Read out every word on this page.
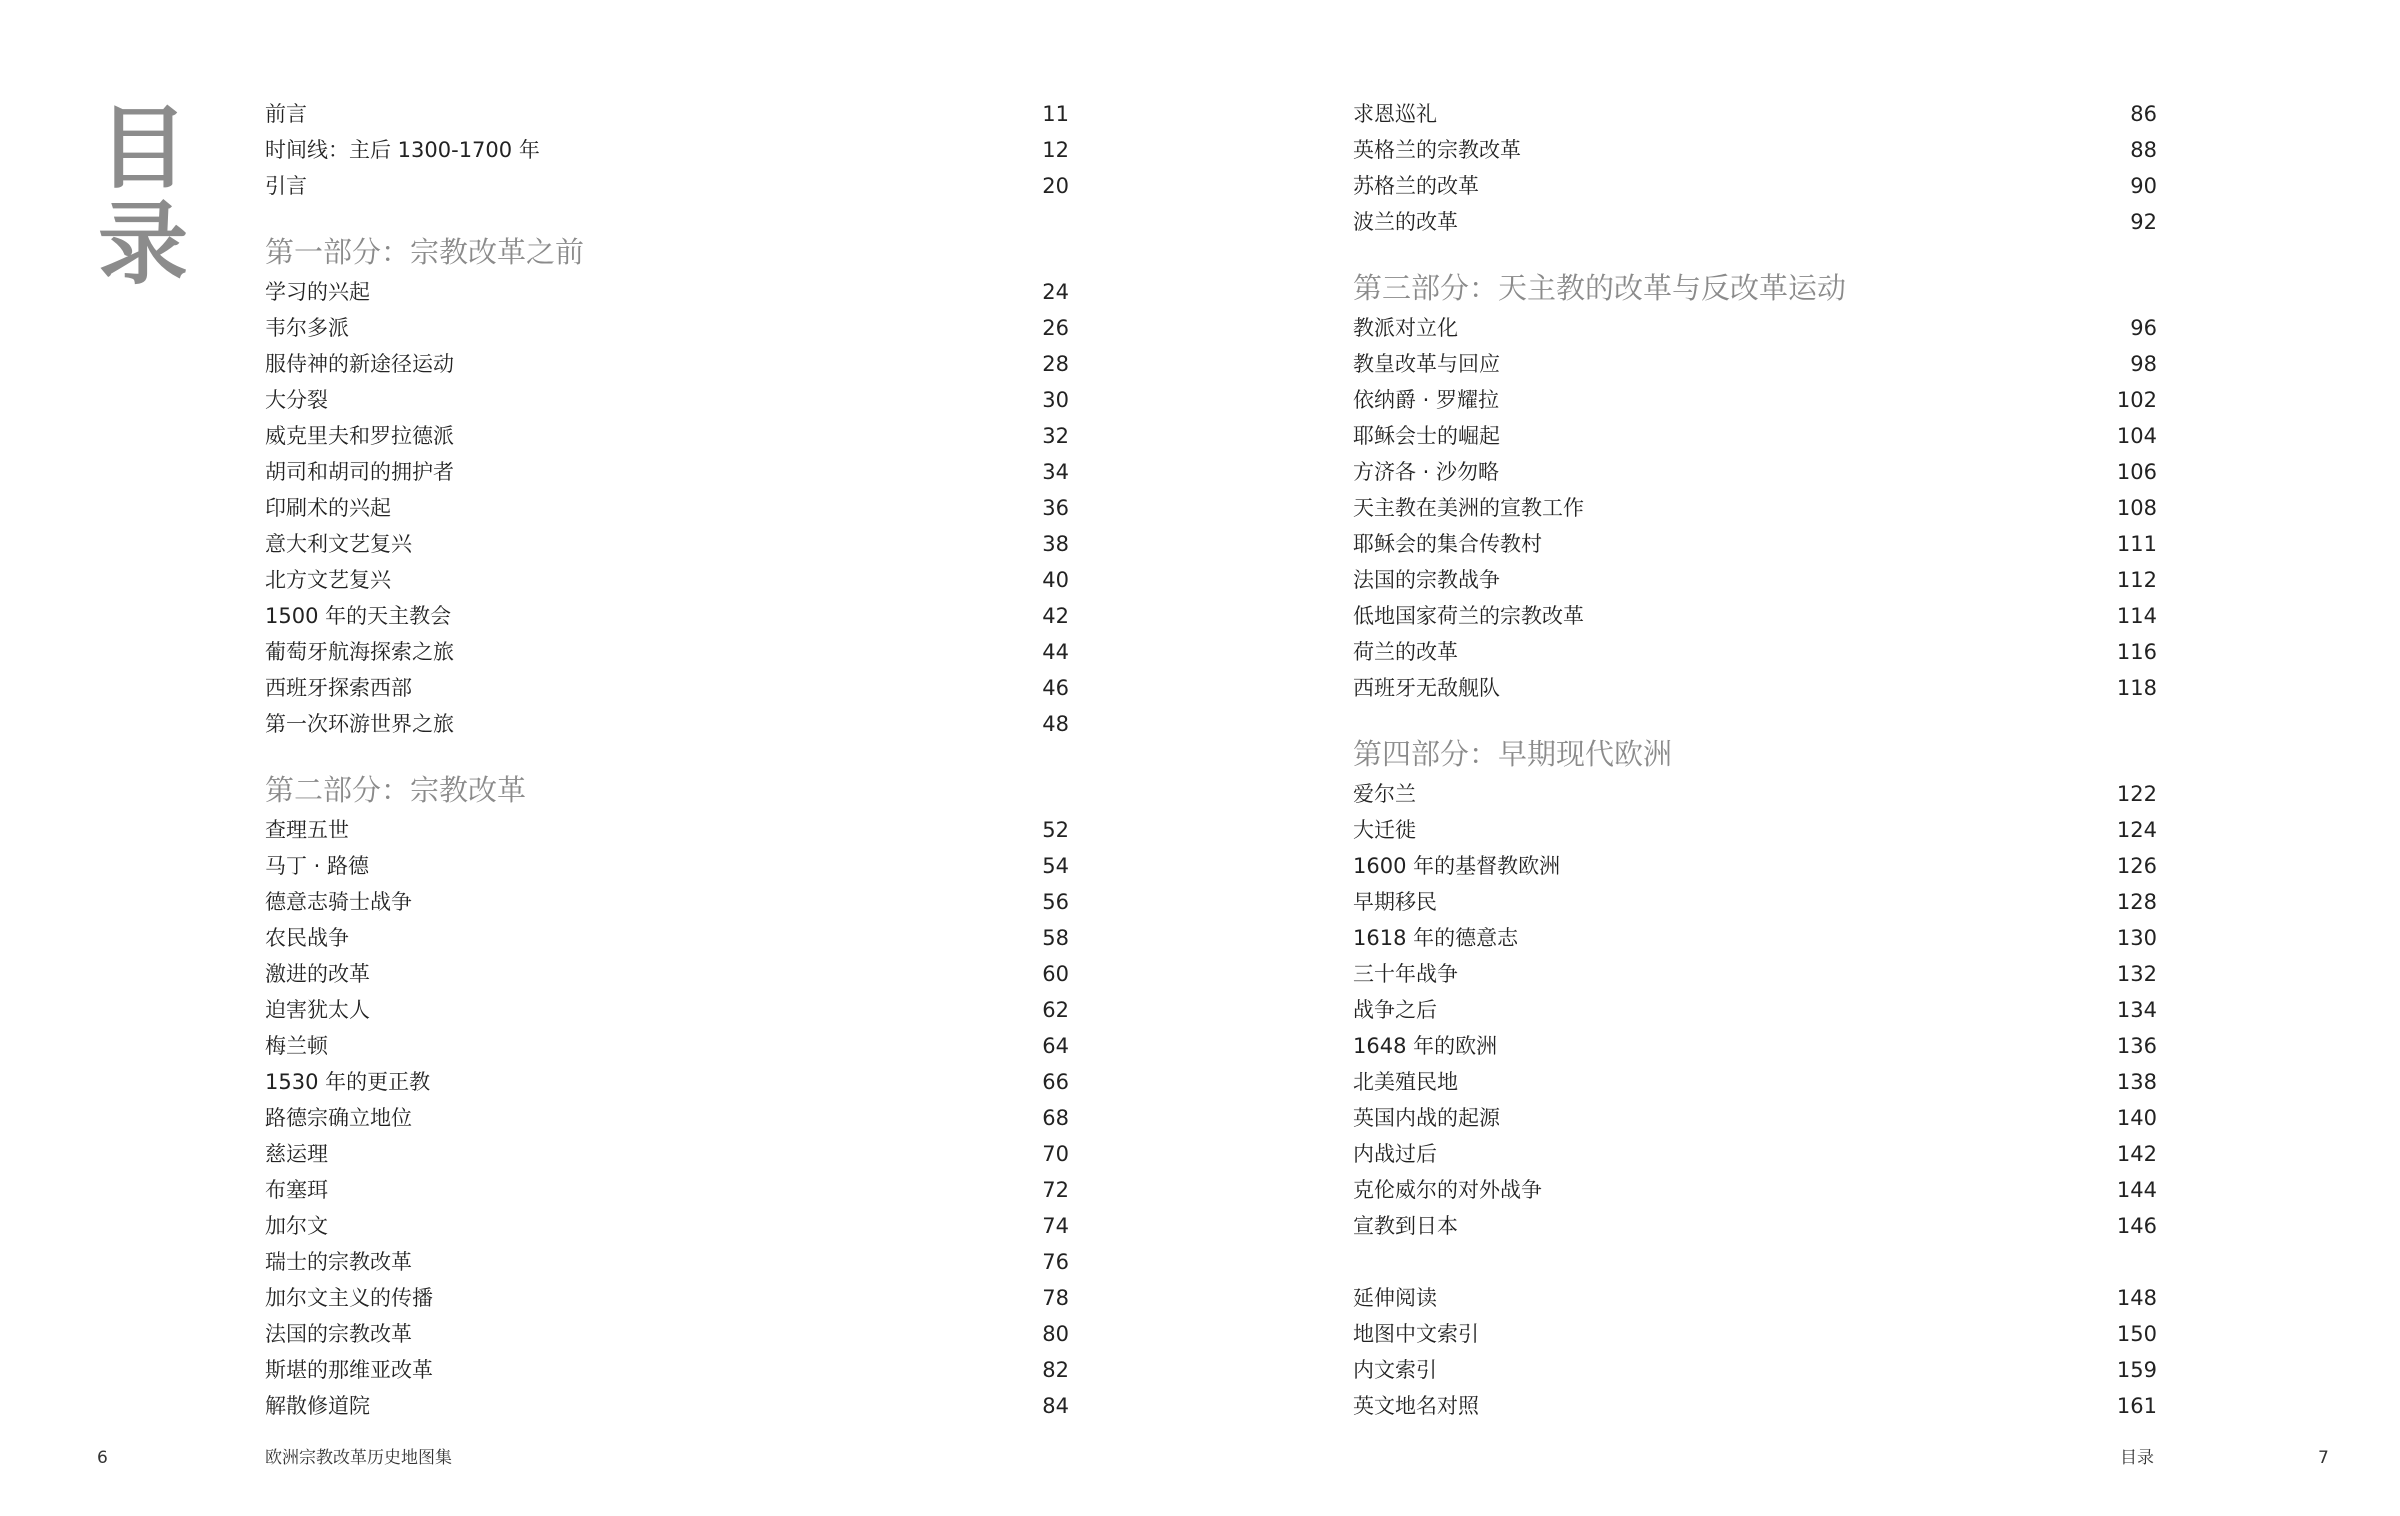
目
录
前言	11
时间线：主后 1300-1700 年	12
引言	20
第一部分：宗教改革之前
学习的兴起	24
韦尔多派	26
服侍神的新途径运动	28
大分裂	30
威克里夫和罗拉德派	32
胡司和胡司的拥护者	34
印刷术的兴起	36
意大利文艺复兴	38
北方文艺复兴	40
1500 年的天主教会	42
葡萄牙航海探索之旅	44
西班牙探索西部	46
第一次环游世界之旅	48
第二部分：宗教改革
查理五世	52
马丁 · 路德	54
德意志骑士战争	56
农民战争	58
激进的改革	60
迫害犹太人	62
梅兰顿	64
1530 年的更正教	66
路德宗确立地位	68
慈运理	70
布塞珥	72
加尔文	74
瑞士的宗教改革	76
加尔文主义的传播	78
法国的宗教改革	80
斯堪的那维亚改革	82
解散修道院	84
求恩巡礼	86
英格兰的宗教改革	88
苏格兰的改革	90
波兰的改革	92
第三部分：天主教的改革与反改革运动
教派对立化	96
教皇改革与回应	98
依纳爵 · 罗耀拉	102
耶稣会士的崛起	104
方济各 · 沙勿略	106
天主教在美洲的宣教工作	108
耶稣会的集合传教村	111
法国的宗教战争	112
低地国家荷兰的宗教改革	114
荷兰的改革	116
西班牙无敌舰队	118
第四部分：早期现代欧洲
爱尔兰	122
大迁徙	124
1600 年的基督教欧洲	126
早期移民	128
1618 年的德意志	130
三十年战争	132
战争之后	134
1648 年的欧洲	136
北美殖民地	138
英国内战的起源	140
内战过后	142
克伦威尔的对外战争	144
宣教到日本	146
延伸阅读	148
地图中文索引	150
内文索引	159
英文地名对照	161
6	欧洲宗教改革历史地图集	目录	7
